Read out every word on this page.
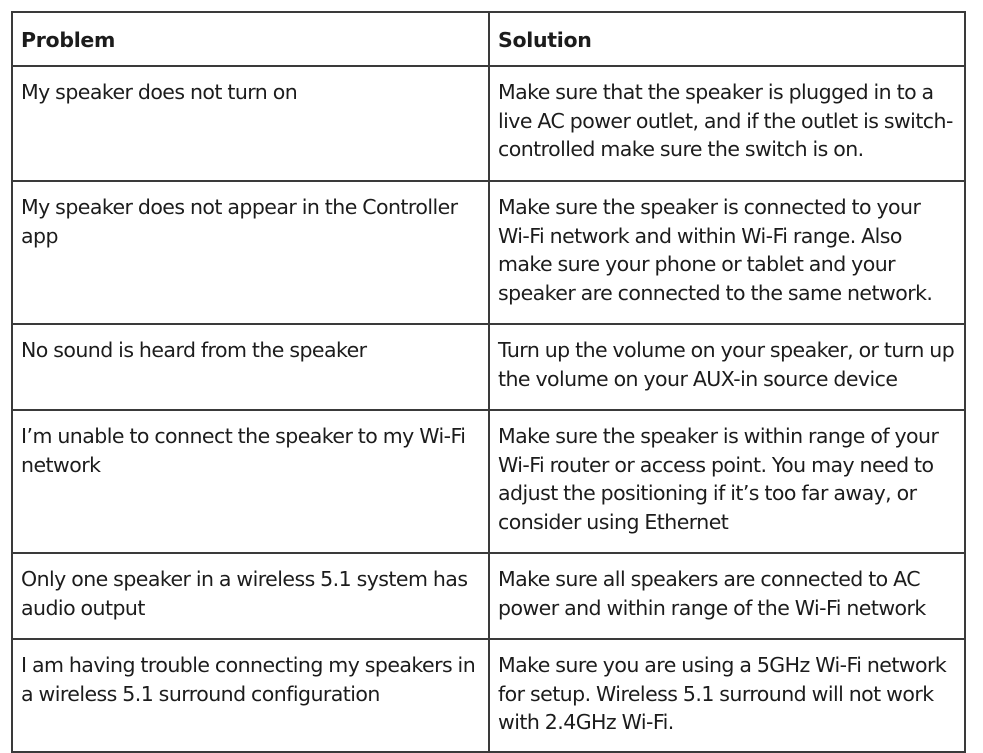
Problem	Solution
My speaker does not turn on	Make sure that the speaker is plugged in to a live AC power outlet, and if the outlet is switch-controlled make sure the switch is on.
My speaker does not appear in the Controller app	Make sure the speaker is connected to your Wi-Fi network and within Wi-Fi range. Also make sure your phone or tablet and your speaker are connected to the same network.
No sound is heard from the speaker	Turn up the volume on your speaker, or turn up the volume on your AUX-in source device
I’m unable to connect the speaker to my Wi-Fi network	Make sure the speaker is within range of your Wi-Fi router or access point. You may need to adjust the positioning if it’s too far away, or consider using Ethernet
Only one speaker in a wireless 5.1 system has audio output	Make sure all speakers are connected to AC power and within range of the Wi-Fi network
I am having trouble connecting my speakers in a wireless 5.1 surround configuration	Make sure you are using a 5GHz Wi-Fi network for setup. Wireless 5.1 surround will not work with 2.4GHz Wi-Fi.
